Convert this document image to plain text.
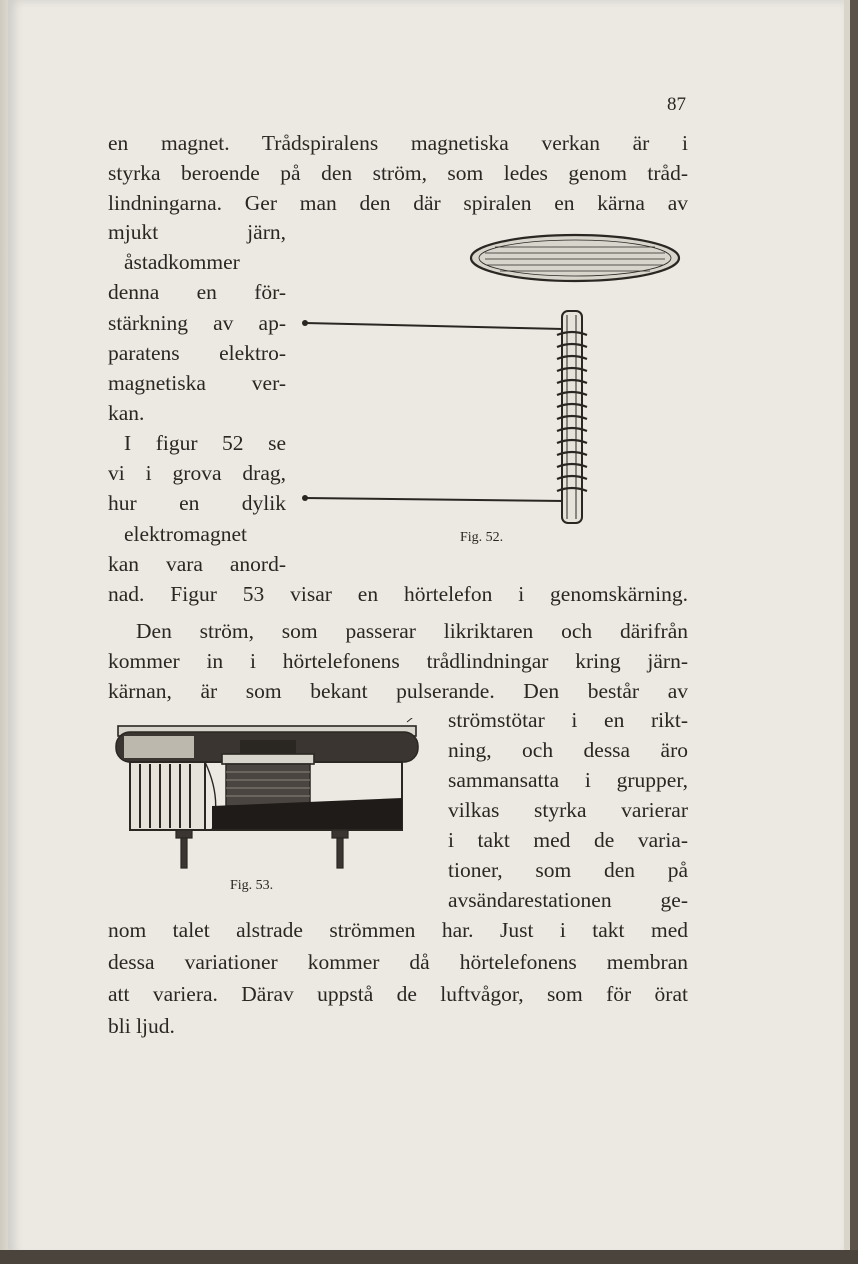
87
en magnet. Trådspiralens magnetiska verkan är i
styrka beroende på den ström, som ledes genom tråd-
lindningarna. Ger man den där spiralen en kärna av
mjukt järn,
åstadkommer
denna en för-
stärkning av ap-
paratens elektro-
magnetiska ver-
kan.
I figur 52 se
vi i grova drag,
hur en dylik
elektromagnet
kan vara anord-
Fig. 52.
nad. Figur 53 visar en hörtelefon i genomskärning.
Den ström, som passerar likriktaren och därifrån
kommer in i hörtelefonens trådlindningar kring järn-
kärnan, är som bekant pulserande. Den består av
strömstötar i en rikt-
ning, och dessa äro
sammansatta i grupper,
vilkas styrka varierar
i takt med de varia-
tioner, som den på
avsändarestationen ge-
Fig. 53.
nom talet alstrade strömmen har. Just i takt med
dessa variationer kommer då hörtelefonens membran
att variera. Därav uppstå de luftvågor, som för örat
bli ljud.
